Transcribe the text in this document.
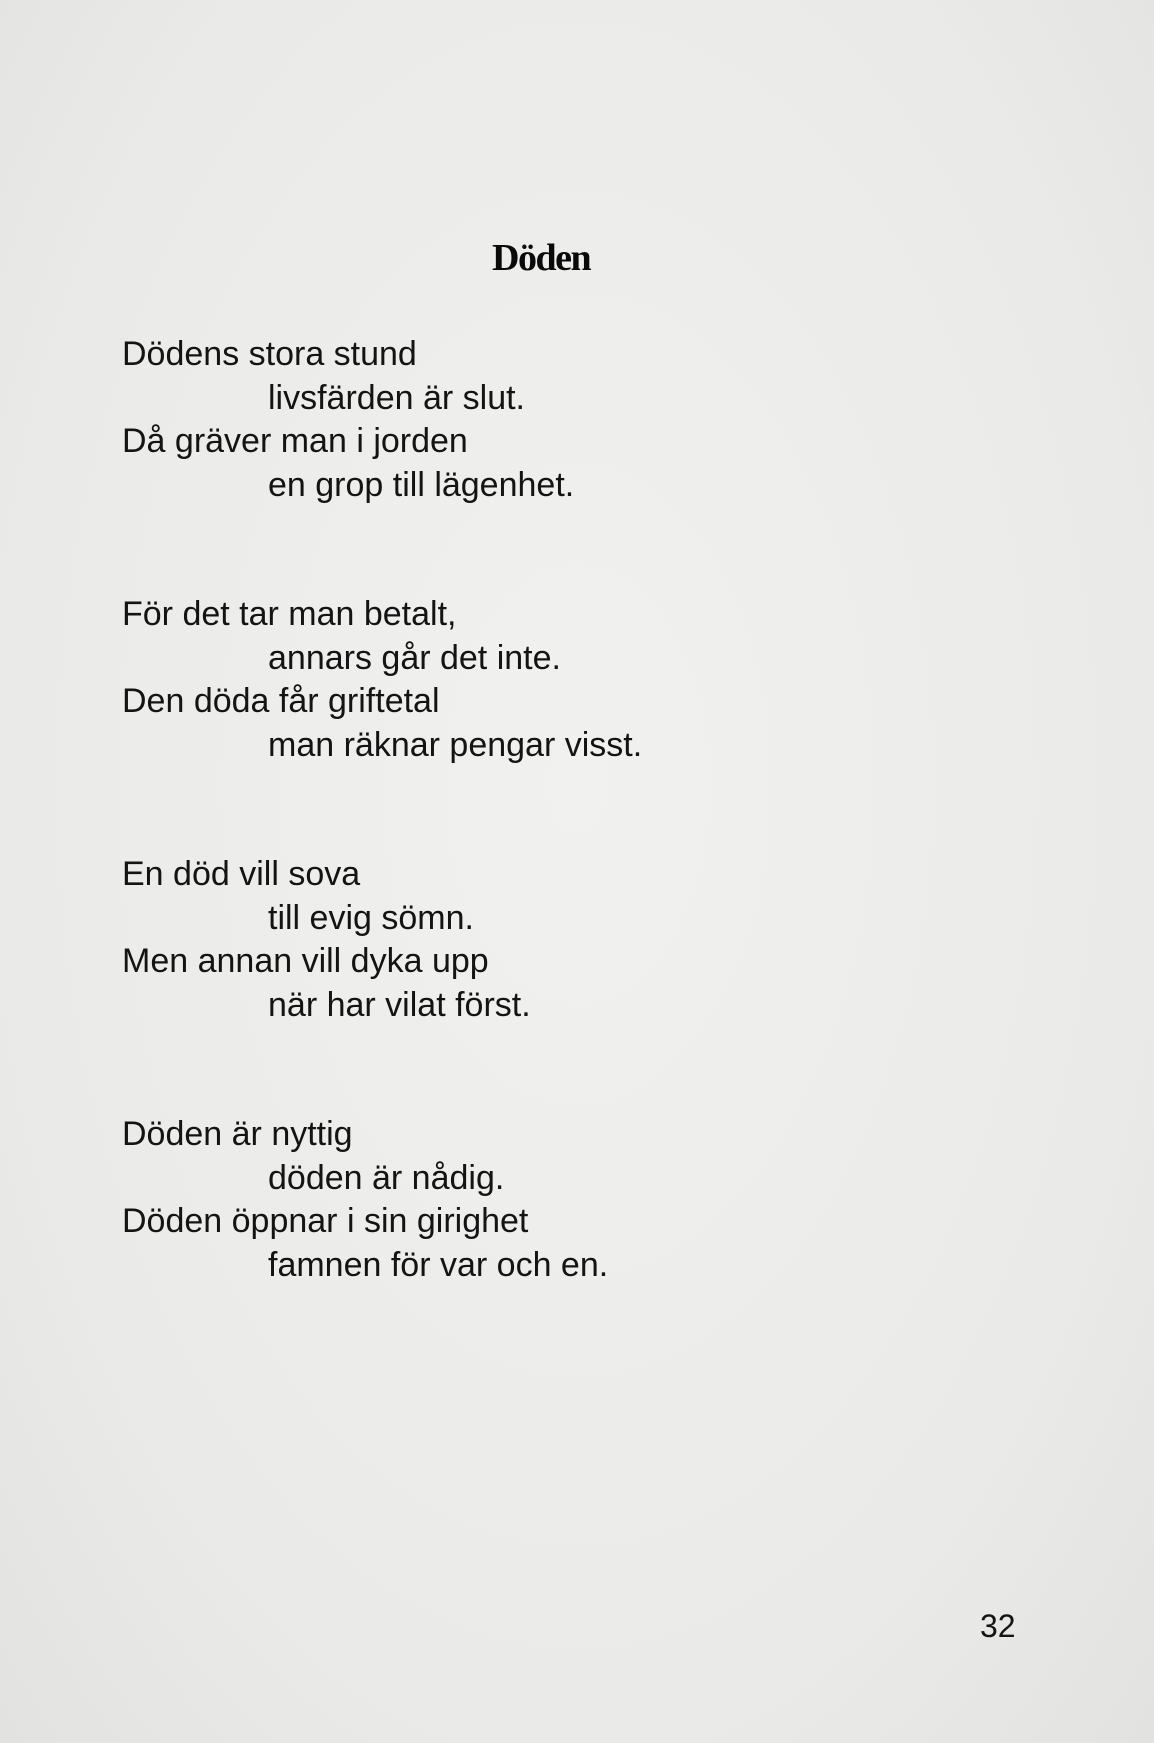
Döden
Dödens stora stund
livsfärden är slut.
Då gräver man i jorden
en grop till lägenhet.
För det tar man betalt,
annars går det inte.
Den döda får griftetal
man räknar pengar visst.
En död vill sova
till evig sömn.
Men annan vill dyka upp
när har vilat först.
Döden är nyttig
döden är nådig.
Döden öppnar i sin girighet
famnen för var och en.
32
